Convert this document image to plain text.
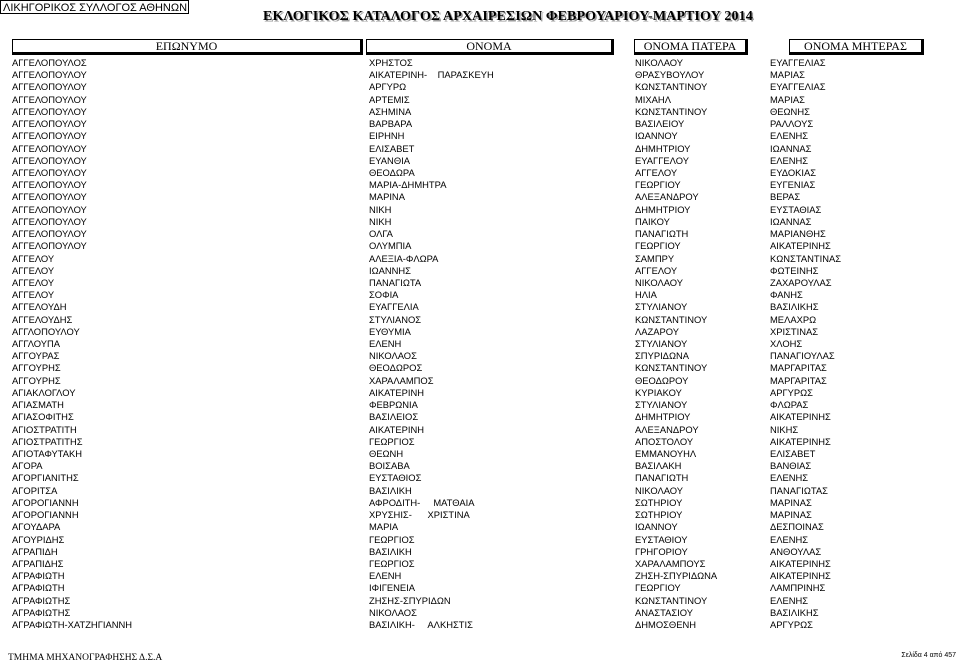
ΛΙΚΗΓΟΡΙΚΟΣ ΣΥΛΛΟΓΟΣ ΑΘΗΝΩΝ
ΕΚΛΟΓΙΚΟΣ ΚΑΤΑΛΟΓΟΣ ΑΡΧΑΙΡΕΣΙΩΝ ΦΕΒΡΟΥΑΡΙΟΥ-ΜΑΡΤΙΟΥ 2014
ΕΠΩΝΥΜΟ	ΟΝΟΜΑ	ΟΝΟΜΑ ΠΑΤΕΡΑ	ΟΝΟΜΑ ΜΗΤΕΡΑΣ
ΑΓΓΕΛΟΠΟΥΛΟΣ	ΧΡΗΣΤΟΣ	ΝΙΚΟΛΑΟΥ	ΕΥΑΓΓΕΛΙΑΣ
ΑΓΓΕΛΟΠΟΥΛΟΥ	ΑΙΚΑΤΕΡΙΝΗ-    ΠΑΡΑΣΚΕΥΗ	ΘΡΑΣΥΒΟΥΛΟΥ	ΜΑΡΙΑΣ
ΑΓΓΕΛΟΠΟΥΛΟΥ	ΑΡΓΥΡΩ	ΚΩΝΣΤΑΝΤΙΝΟΥ	ΕΥΑΓΓΕΛΙΑΣ
ΑΓΓΕΛΟΠΟΥΛΟΥ	ΑΡΤΕΜΙΣ	ΜΙΧΑΗΛ	ΜΑΡΙΑΣ
ΑΓΓΕΛΟΠΟΥΛΟΥ	ΑΣΗΜΙΝΑ	ΚΩΝΣΤΑΝΤΙΝΟΥ	ΘΕΩΝΗΣ
ΑΓΓΕΛΟΠΟΥΛΟΥ	ΒΑΡΒΑΡΑ	ΒΑΣΙΛΕΙΟΥ	ΡΑΛΛΟΥΣ
ΑΓΓΕΛΟΠΟΥΛΟΥ	ΕΙΡΗΝΗ	ΙΩΑΝΝΟΥ	ΕΛΕΝΗΣ
ΑΓΓΕΛΟΠΟΥΛΟΥ	ΕΛΙΣΑΒΕΤ	ΔΗΜΗΤΡΙΟΥ	ΙΩΑΝΝΑΣ
ΑΓΓΕΛΟΠΟΥΛΟΥ	ΕΥΑΝΘΙΑ	ΕΥΑΓΓΕΛΟΥ	ΕΛΕΝΗΣ
ΑΓΓΕΛΟΠΟΥΛΟΥ	ΘΕΟΔΩΡΑ	ΑΓΓΕΛΟΥ	ΕΥΔΟΚΙΑΣ
ΑΓΓΕΛΟΠΟΥΛΟΥ	ΜΑΡΙΑ-ΔΗΜΗΤΡΑ	ΓΕΩΡΓΙΟΥ	ΕΥΓΕΝΙΑΣ
ΑΓΓΕΛΟΠΟΥΛΟΥ	ΜΑΡΙΝΑ	ΑΛΕΞΑΝΔΡΟΥ	ΒΕΡΑΣ
ΑΓΓΕΛΟΠΟΥΛΟΥ	ΝΙΚΗ	ΔΗΜΗΤΡΙΟΥ	ΕΥΣΤΑΘΙΑΣ
ΑΓΓΕΛΟΠΟΥΛΟΥ	ΝΙΚΗ	ΠΑΙΚΟΥ	ΙΩΑΝΝΑΣ
ΑΓΓΕΛΟΠΟΥΛΟΥ	ΟΛΓΑ	ΠΑΝΑΓΙΩΤΗ	ΜΑΡΙΑΝΘΗΣ
ΑΓΓΕΛΟΠΟΥΛΟΥ	ΟΛΥΜΠΙΑ	ΓΕΩΡΓΙΟΥ	ΑΙΚΑΤΕΡΙΝΗΣ
ΑΓΓΕΛΟΥ	ΑΛΕΞΙΑ-ΦΛΩΡΑ	ΣΑΜΠΡΥ	ΚΩΝΣΤΑΝΤΙΝΑΣ
ΑΓΓΕΛΟΥ	ΙΩΑΝΝΗΣ	ΑΓΓΕΛΟΥ	ΦΩΤΕΙΝΗΣ
ΑΓΓΕΛΟΥ	ΠΑΝΑΓΙΩΤΑ	ΝΙΚΟΛΑΟΥ	ΖΑΧΑΡΟΥΛΑΣ
ΑΓΓΕΛΟΥ	ΣΟΦΙΑ	ΗΛΙΑ	ΦΑΝΗΣ
ΑΓΓΕΛΟΥΔΗ	ΕΥΑΓΓΕΛΙΑ	ΣΤΥΛΙΑΝΟΥ	ΒΑΣΙΛΙΚΗΣ
ΑΓΓΕΛΟΥΔΗΣ	ΣΤΥΛΙΑΝΟΣ	ΚΩΝΣΤΑΝΤΙΝΟΥ	ΜΕΛΑΧΡΩ
ΑΓΓΛΟΠΟΥΛΟΥ	ΕΥΘΥΜΙΑ	ΛΑΖΑΡΟΥ	ΧΡΙΣΤΙΝΑΣ
ΑΓΓΛΟΥΠΑ	ΕΛΕΝΗ	ΣΤΥΛΙΑΝΟΥ	ΧΛΟΗΣ
ΑΓΓΟΥΡΑΣ	ΝΙΚΟΛΑΟΣ	ΣΠΥΡΙΔΩΝΑ	ΠΑΝΑΓΙΟΥΛΑΣ
ΑΓΓΟΥΡΗΣ	ΘΕΟΔΩΡΟΣ	ΚΩΝΣΤΑΝΤΙΝΟΥ	ΜΑΡΓΑΡΙΤΑΣ
ΑΓΓΟΥΡΗΣ	ΧΑΡΑΛΑΜΠΟΣ	ΘΕΟΔΩΡΟΥ	ΜΑΡΓΑΡΙΤΑΣ
ΑΓΙΑΚΛΟΓΛΟΥ	ΑΙΚΑΤΕΡΙΝΗ	ΚΥΡΙΑΚΟΥ	ΑΡΓΥΡΩΣ
ΑΓΙΑΣΜΑΤΗ	ΦΕΒΡΩΝΙΑ	ΣΤΥΛΙΑΝΟΥ	ΦΛΩΡΑΣ
ΑΓΙΑΣΟΦΙΤΗΣ	ΒΑΣΙΛΕΙΟΣ	ΔΗΜΗΤΡΙΟΥ	ΑΙΚΑΤΕΡΙΝΗΣ
ΑΓΙΟΣΤΡΑΤΙΤΗ	ΑΙΚΑΤΕΡΙΝΗ	ΑΛΕΞΑΝΔΡΟΥ	ΝΙΚΗΣ
ΑΓΙΟΣΤΡΑΤΙΤΗΣ	ΓΕΩΡΓΙΟΣ	ΑΠΟΣΤΟΛΟΥ	ΑΙΚΑΤΕΡΙΝΗΣ
ΑΓΙΟΤΑΦΥΤΑΚΗ	ΘΕΩΝΗ	ΕΜΜΑΝΟΥΗΛ	ΕΛΙΣΑΒΕΤ
ΑΓΟΡΑ	ΒΟΙΣΑΒΑ	ΒΑΣΙΛΑΚΗ	ΒΑΝΘΙΑΣ
ΑΓΟΡΓΙΑΝΙΤΗΣ	ΕΥΣΤΑΘΙΟΣ	ΠΑΝΑΓΙΩΤΗ	ΕΛΕΝΗΣ
ΑΓΟΡΙΤΣΑ	ΒΑΣΙΛΙΚΗ	ΝΙΚΟΛΑΟΥ	ΠΑΝΑΓΙΩΤΑΣ
ΑΓΟΡΟΓΙΑΝΝΗ	ΑΦΡΟΔΙΤΗ-     ΜΑΤΘΑΙΑ	ΣΩΤΗΡΙΟΥ	ΜΑΡΙΝΑΣ
ΑΓΟΡΟΓΙΑΝΝΗ	ΧΡΥΣΗΙΣ-      ΧΡΙΣΤΙΝΑ	ΣΩΤΗΡΙΟΥ	ΜΑΡΙΝΑΣ
ΑΓΟΥΔΑΡΑ	ΜΑΡΙΑ	ΙΩΑΝΝΟΥ	ΔΕΣΠΟΙΝΑΣ
ΑΓΟΥΡΙΔΗΣ	ΓΕΩΡΓΙΟΣ	ΕΥΣΤΑΘΙΟΥ	ΕΛΕΝΗΣ
ΑΓΡΑΠΙΔΗ	ΒΑΣΙΛΙΚΗ	ΓΡΗΓΟΡΙΟΥ	ΑΝΘΟΥΛΑΣ
ΑΓΡΑΠΙΔΗΣ	ΓΕΩΡΓΙΟΣ	ΧΑΡΑΛΑΜΠΟΥΣ	ΑΙΚΑΤΕΡΙΝΗΣ
ΑΓΡΑΦΙΩΤΗ	ΕΛΕΝΗ	ΖΗΣΗ-ΣΠΥΡΙΔΩΝΑ	ΑΙΚΑΤΕΡΙΝΗΣ
ΑΓΡΑΦΙΩΤΗ	ΙΦΙΓΕΝΕΙΑ	ΓΕΩΡΓΙΟΥ	ΛΑΜΠΡΙΝΗΣ
ΑΓΡΑΦΙΩΤΗΣ	ΖΗΣΗΣ-ΣΠΥΡΙΔΩΝ	ΚΩΝΣΤΑΝΤΙΝΟΥ	ΕΛΕΝΗΣ
ΑΓΡΑΦΙΩΤΗΣ	ΝΙΚΟΛΑΟΣ	ΑΝΑΣΤΑΣΙΟΥ	ΒΑΣΙΛΙΚΗΣ
ΑΓΡΑΦΙΩΤΗ-ΧΑΤΖΗΓΙΑΝΝΗ	ΒΑΣΙΛΙΚΗ-     ΑΛΚΗΣΤΙΣ	ΔΗΜΟΣΘΕΝΗ	ΑΡΓΥΡΩΣ
ΤΜΗΜΑ ΜΗΧΑΝΟΓΡΑΦΗΣΗΣ Δ.Σ.Α	Σελίδα 4 από 457
